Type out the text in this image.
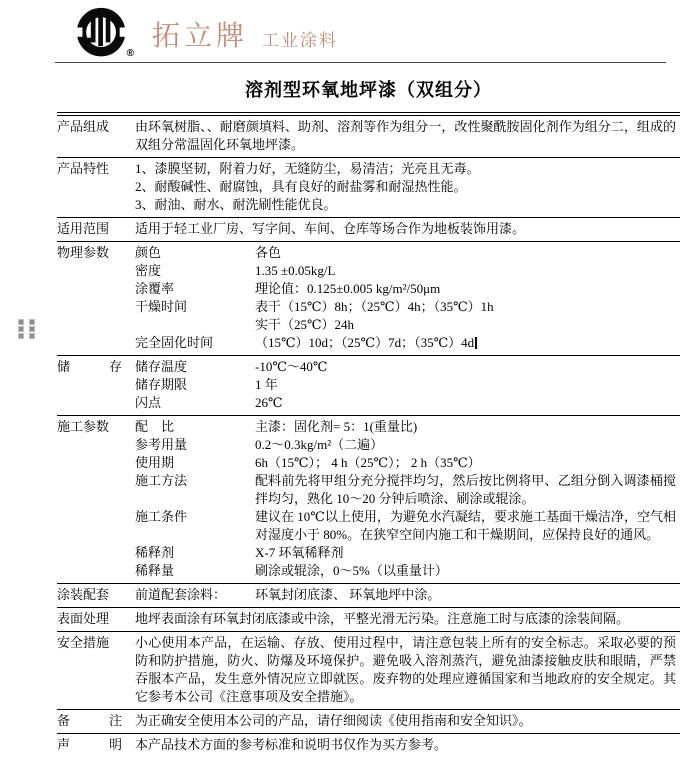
®
拓立牌 工业涂料
溶剂型环氧地坪漆（双组分）
产品组成	由环氧树脂、、耐磨颜填料、助剂、溶剂等作为组分一，改性聚酰胺固化剂作为组分二，组成的双组分常温固化环氧地坪漆。
产品特性	1、漆膜坚韧，附着力好，无缝防尘，易清洁；光亮且无毒。
2、耐酸碱性、耐腐蚀，具有良好的耐盐雾和耐湿热性能。
3、耐油、耐水、耐洗刷性能优良。
适用范围	适用于轻工业厂房、写字间、车间、仓库等场合作为地板装饰用漆。
物理参数	颜色	各色
密度	1.35 ±0.05kg/L
涂覆率	理论值：0.125±0.005 kg/m²/50μm
干燥时间	表干（15℃）8h；（25℃）4h；（35℃）1h
实干（25℃）24h
完全固化时间	（15℃）10d；（25℃）7d；（35℃）4d
储　　　存 储存温度	-10℃～40℃
储存期限	1 年
闪点	26℃
施工参数	配　比	主漆：固化剂= 5：1(重量比)
参考用量	0.2～0.3kg/m²（二遍）
使用期	6h（15℃）； 4 h（25℃）； 2 h（35℃）
施工方法	配料前先将甲组分充分搅拌均匀，然后按比例将甲、乙组分倒入调漆桶搅拌均匀，熟化 10～20 分钟后喷涂、刷涂或辊涂。
施工条件	建议在 10℃以上使用，为避免水汽凝结，要求施工基面干燥洁净，空气相对湿度小于 80%。在狭窄空间内施工和干燥期间，应保持良好的通风。
稀释剂	X-7 环氧稀释剂
稀释量	刷涂或辊涂，0～5%（以重量计）
涂装配套	前道配套涂料：	环氧封闭底漆、 环氧地坪中涂。
表面处理	地坪表面涂有环氧封闭底漆或中涂，平整光滑无污染。注意施工时与底漆的涂装间隔。
安全措施	小心使用本产品，在运输、存放、使用过程中，请注意包装上所有的安全标志。采取必要的预防和防护措施，防火、防爆及环境保护。避免吸入溶剂蒸汽，避免油漆接触皮肤和眼睛，严禁吞服本产品，发生意外情况应立即就医。废弃物的处理应遵循国家和当地政府的安全规定。其它参考本公司《注意事项及安全措施》。
备　　　注 为正确安全使用本公司的产品，请仔细阅读《使用指南和安全知识》。
声　　　明 本产品技术方面的参考标准和说明书仅作为买方参考。
